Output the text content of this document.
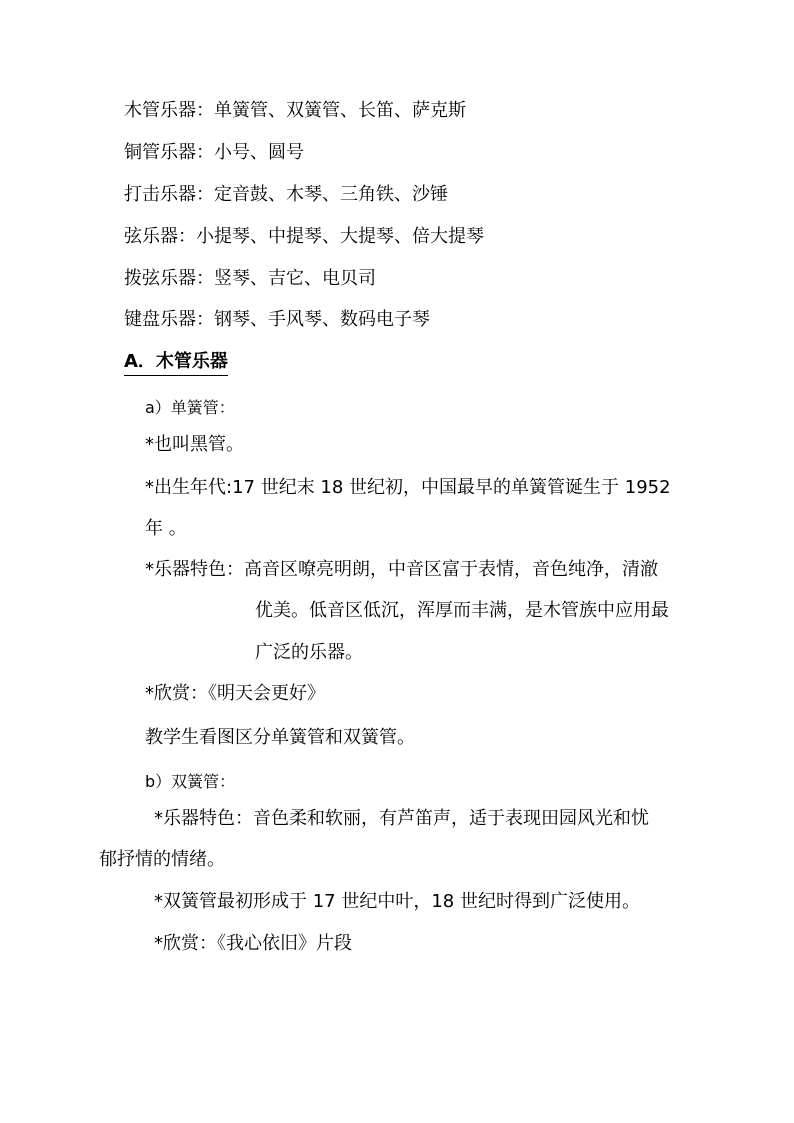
木管乐器：单簧管、双簧管、长笛、萨克斯
铜管乐器：小号、圆号
打击乐器：定音鼓、木琴、三角铁、沙锤
弦乐器：小提琴、中提琴、大提琴、倍大提琴
拨弦乐器：竖琴、吉它、电贝司
键盘乐器：钢琴、手风琴、数码电子琴
A．木管乐器
a）单簧管：
*也叫黑管。
*出生年代:17 世纪末 18 世纪初，中国最早的单簧管诞生于 1952
年 。
*乐器特色：高音区嘹亮明朗，中音区富于表情，音色纯净，清澈
优美。低音区低沉，浑厚而丰满，是木管族中应用最
广泛的乐器。
*欣赏：《明天会更好》
教学生看图区分单簧管和双簧管。
b）双簧管：
*乐器特色：音色柔和软丽，有芦笛声，适于表现田园风光和忧
郁抒情的情绪。
*双簧管最初形成于 17 世纪中叶，18 世纪时得到广泛使用。
*欣赏：《我心依旧》片段
